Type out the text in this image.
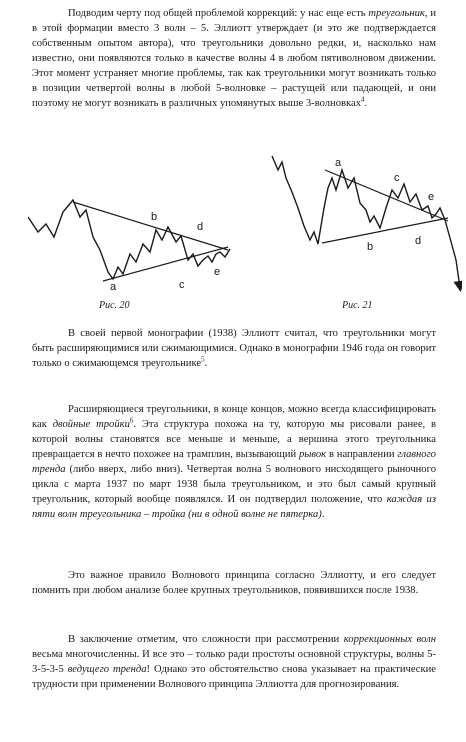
Подводим черту под общей проблемой коррекций: у нас еще есть треугольник, и в этой формации вместо 3 волн – 5. Эллиотт утверждает (и это же подтверждается собственным опытом автора), что треугольники довольно редки, и, насколько нам известно, они появляются только в качестве волны 4 в любом пятиволновом движении. Этот момент устраняет многие проблемы, так как треугольники могут возникать только в позиции четвертой волны в любой 5-волновке – растущей или падающей, и они поэтому не могут возникать в различных упомянутых выше 3-волновках$^4$.

a
b
c
d
e
Рис. 20
a
b
c
d
e
Рис. 21

В своей первой монографии (1938) Эллиотт считал, что треугольники могут быть расширяющимися или сжимающимися. Однако в монографии 1946 года он говорит только о сжимающемся треугольнике$^5$.

Расширяющиеся треугольники, в конце концов, можно всегда классифицировать как двойные тройки$^6$. Эта структура похожа на ту, которую мы рисовали ранее, в которой волны становятся все меньше и меньше, а вершина этого треугольника превращается в нечто похожее на трамплин, вызывающий рывок в направлении главного тренда (либо вверх, либо вниз). Четвертая волна 5 волнового нисходящего рыночного цикла с марта 1937 по март 1938 была треугольником, и это был самый крупный треугольник, который вообще появлялся. И он подтвердил положение, что каждая из пяти волн треугольника – тройка (ни в одной волне не пятерка).

Это важное правило Волнового принципа согласно Эллиотту, и его следует помнить при любом анализе более крупных треугольников, появившихся после 1938.

В заключение отметим, что сложности при рассмотрении коррекционных волн весьма многочисленны. И все это – только ради простоты основной структуры, волны 5-3-5-3-5 ведущего тренда! Однако это обстоятельство снова указывает на практические трудности при применении Волнового принципа Эллиотта для прогнозирования.
